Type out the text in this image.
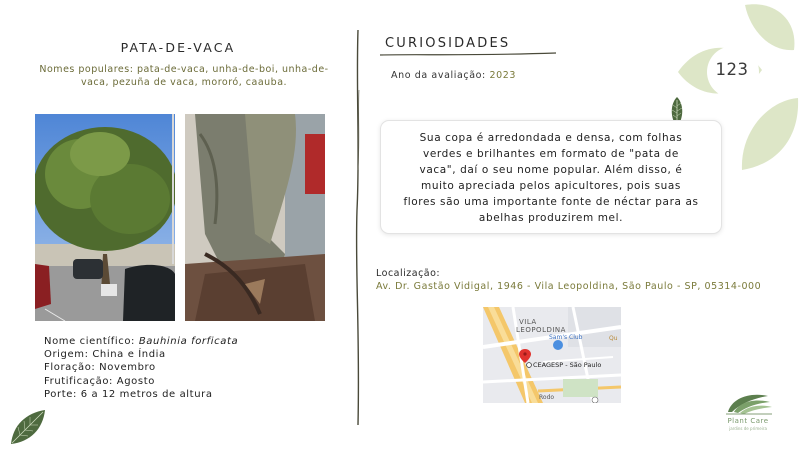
123
PATA-DE-VACA
Nomes populares: pata-de-vaca, unha-de-boi, unha-de-vaca, pezuña de vaca, mororó, caauba.
Nome científico: Bauhinia forficata
Origem: China e Índia
Floração: Novembro
Frutificação: Agosto
Porte: 6 a 12 metros de altura
CURIOSIDADES
Ano da avaliação: 2023
Sua copa é arredondada e densa, com folhas verdes e brilhantes em formato de "pata de vaca", daí o seu nome popular. Além disso, é muito apreciada pelos apicultores, pois suas flores são uma importante fonte de néctar para as abelhas produzirem mel.
Localização:
Av. Dr. Gastão Vidigal, 1946 - Vila Leopoldina, São Paulo - SP, 05314-000
VILA
LEOPOLDINA
Sam's Club	Qu
CEAGESP - São Paulo
Rodo
Plant Care
jardins de primeira
